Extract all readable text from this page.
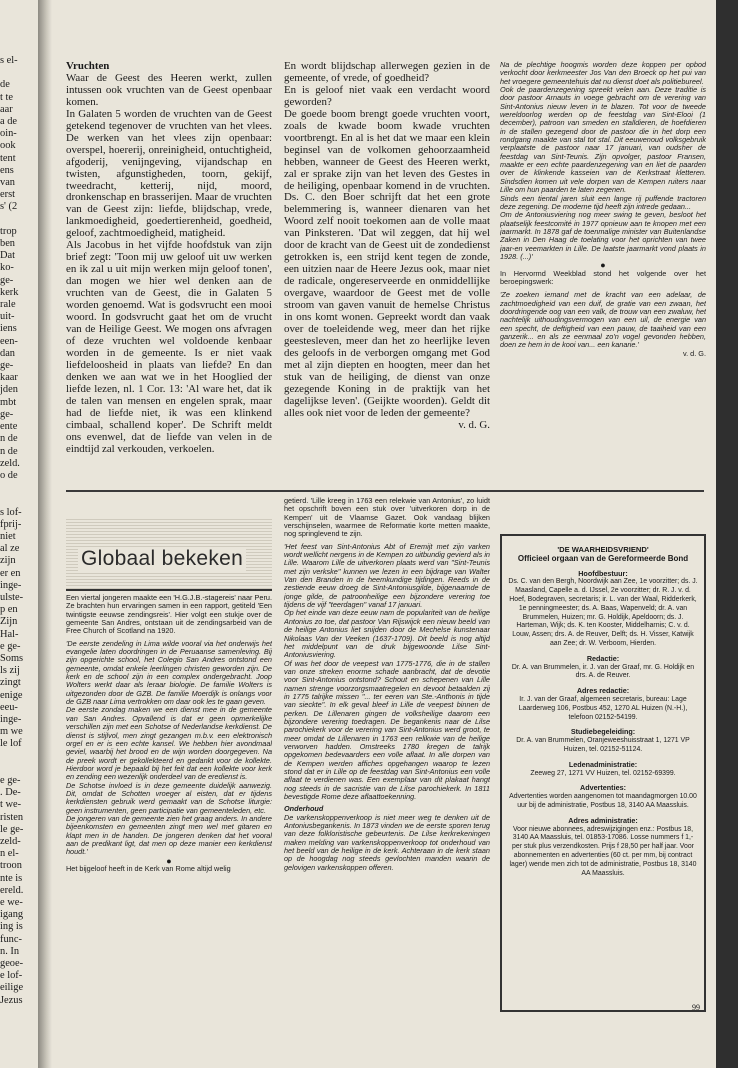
s el-

de
t te
aar
a de
oin-
ook
tent
ens
van
erst
s' (2

trop
ben
Dat
ko-
ge-
kerk
rale
uit-
iens
een-
dan
ge-
kaar
jden
mbt
ge-
ente
n de
n de
zeld.
o de

s lof-
fprij-
niet
al ze
zijn
er en
inge-
ulste-
p en
Zijn
Hal-
e ge-
Soms
ls zij
zingt
enige
eeu-
inge-
m we
le lof

e ge-
. De-
t we-
risten
le ge-
zeld-
n el-
troon
nte is
ereld.
e we-
igang
ing is
func-
n. In
geoe-
e lof-
eilige
Jezus

Vruchten

Waar de Geest des Heeren werkt, zullen intussen ook vruchten van de Geest openbaar komen.

In Galaten 5 worden de vruchten van de Geest getekend tegenover de vruchten van het vlees. De werken van het vlees zijn openbaar: overspel, hoererij, onreinigheid, ontuchtigheid, afgoderij, venijngeving, vijandschap en twisten, afgunstigheden, toorn, gekijf, tweedracht, ketterij, nijd, moord, dronkenschap en brasserijen. Maar de vruchten van de Geest zijn: liefde, blijdschap, vrede, lankmoedigheid, goedertierenheid, goedheid, geloof, zachtmoedigheid, matigheid.

Als Jacobus in het vijfde hoofdstuk van zijn brief zegt: 'Toon mij uw geloof uit uw werken en ik zal u uit mijn werken mijn geloof tonen', dan mogen we hier wel denken aan de vruchten van de Geest, die in Galaten 5 worden genoemd. Wat is godsvrucht een mooi woord. In godsvrucht gaat het om de vrucht van de Heilige Geest. We mogen ons afvragen of deze vruchten wel voldoende kenbaar worden in de gemeente. Is er niet vaak liefdeloosheid in plaats van liefde? En dan denken we aan wat we in het Hooglied der liefde lezen, nl. 1 Cor. 13: 'Al ware het, dat ik de talen van mensen en engelen sprak, maar had de liefde niet, ik was een klinkend cimbaal, schallend koper'. De Schrift meldt ons evenwel, dat de liefde van velen in de eindtijd zal verkouden, verkoelen.

En wordt blijdschap allerwegen gezien in de gemeente, of vrede, of goedheid?

En is geloof niet vaak een verdacht woord geworden?

De goede boom brengt goede vruchten voort, zoals de kwade boom kwade vruchten voortbrengt. En al is het dat we maar een klein beginsel van de volkomen gehoorzaamheid hebben, wanneer de Geest des Heeren werkt, zal er sprake zijn van het leven des Gestes in de heiliging, openbaar komend in de vruchten. Ds. C. den Boer schrijft dat het een grote belemmering is, wanneer dienaren van het Woord zelf nooit toekomen aan de volle maat van Pinksteren. 'Dat wil zeggen, dat hij wel door de kracht van de Geest uit de zondedienst getrokken is, een strijd kent tegen de zonde, een uitzien naar de Heere Jezus ook, maar niet de radicale, ongereserveerde en onmiddellijke overgave, waardoor de Geest met de volle stroom van gaven vanuit de hemelse Christus in ons komt wonen. Gepreekt wordt dan vaak over de toeleidende weg, meer dan het rijke geestesleven, meer dan het zo heerlijke leven des geloofs in de verborgen omgang met God met al zijn diepten en hoogten, meer dan het stuk van de heiliging, de dienst van onze gezegende Koning in de praktijk van het dagelijkse leven'. (Geijkte woorden). Geldt dit alles ook niet voor de leden der gemeente?

v. d. G.

Na de plechtige hoogmis worden deze koppen per opbod verkocht door kerkmeester Jos Van den Broeck op het pui van het vroegere gemeentehuis dat nu dienst doet als politiebureel.

Ook de paardenzegening spreekt velen aan. Deze traditie is door pastoor Arnauts in voege gebracht om de verering van Sint-Antonius nieuw leven in te blazen. Tot voor de tweede wereldoorlog werden op de feestdag van Sint-Elooi (1 december), patroon van smeden en stalldieren, de hoefdieren in de stallen gezegend door de pastoor die in het dorp een rondgang maakte van stal tot stal. Dit eeuwenoud volksgebruik verplaatste de pastoor naar 17 januari, van oudsher de feestdag van Sint-Teunis. Zijn opvolger, pastoor Fransen, maakte er een echte paardenzegening van en liet de paarden over de klinkende kasseien van de Kerkstraat kletteren. Sindsdien komen uit vele dorpen van de Kempen ruiters naar Lille om hun paarden te laten zegenen.

Sinds een tiental jaren sluit een lange rij puffende tractoren deze zegening. De moderne tijd heeft zijn intrede gedaan...

Om de Antoniusviering nog meer swing te geven, besloot het plaatselijk feestcomité in 1977 opnieuw aan te knopen met een jaarmarkt. In 1878 gaf de toenmalige minister van Buitenlandse Zaken in Den Haag de toelating voor het oprichten van twee jaar-en veemarkten in Lille. De laatste jaarmarkt vond plaats in 1928. (...)'

●

In Hervormd Weekblad stond het volgende over het beroepingswerk:

'Ze zoeken iemand met de kracht van een adelaar, de zachtmoedigheid van een duif, de gratie van een zwaan, het doordringende oog van een valk, de trouw van een zwaluw, het nachtelijk uithoudingsvermogen van een uil, de energie van een specht, de deftigheid van een pauw, de taaiheid van een ganzerik... en als ze eenmaal zo'n vogel gevonden hebben, doen ze hem in de kooi van... een kanarie.'

v. d. G.

Globaal bekeken

Een viertal jongeren maakte een 'H.G.J.B.-stagereis' naar Peru. Ze brachten hun ervaringen samen in een rapport, getiteld 'Een twintigste eeuwse zendingsreis'. Hier volgt een stukje over de gemeente San Andres, ontstaan uit de zendingsarbeid van de Free Church of Scotland na 1920.

'De eerste zendeling in Lima wilde vooral via het onderwijs het evangelie laten doordringen in de Peruaanse samenleving. Bij zijn opgerichte school, het Colegio San Andres ontstond een gemeente, omdat enkele leerlingen christen geworden zijn. De kerk en de school zijn in een complex ondergebracht. Joop Wolters werkt daar als leraar biologie. De familie Wolters is uitgezonden door de GZB. De familie Moerdijk is onlangs voor de GZB naar Lima vertrokken om daar ook les te gaan geven.

De eerste zondag maken we een dienst mee in de gemeente van San Andres. Opvallend is dat er geen opmerkelijke verschillen zijn met een Schotse of Nederlandse kerkdienst. De dienst is stijlvol, men zingt gezangen m.b.v. een elektronisch orgel en er is een echte kansel. We hebben hier avondmaal geviel, waarbij het brood en de wijn worden doorgegeven. Na de preek wordt er gekollekteerd en gedankt voor de kollekte. Hierdoor word je bepaald bij het feit dat een kollekte voor kerk en zending een wezenlijk onderdeel van de eredienst is.

De Schotse invloed is in deze gemeente duidelijk aanwezig. Dit, omdat de Schotten vroeger al eisten, dat er tijdens kerkdiensten gebruik werd gemaakt van de Schotse liturgie: geen instrumenten, geen participatie van gemeenteleden, etc.

De jongeren van de gemeente zien het graag anders. In andere bijeenkomsten en gemeenten zingt men wel met gitaren en klapt men in de handen. De jongeren denken dat het vooral aan de predikant ligt, dat men op deze manier een kerkdienst houdt.'

●

Het bijgeloof heeft in de Kerk van Rome altijd welig

getierd. 'Lille kreeg in 1763 een relekwie van Antonius', zo luidt het opschrift boven een stuk over 'uitverkoren dorp in de Kempen' uit de Vlaamse Gazet. Ook vandaag blijken verschijnselen, waarmee de Reformatie korte metten maakte, nog springlevend te zijn.

'Het feest van Sint-Antonius Abt of Eremijt met zijn varken wordt wellicht nergens in de Kempen zo uitbundig gevierd als in Lille. Waarom Lille de uitverkoren plaats werd van "Sint-Teunis met zijn verkske" kunnen we lezen in een bijdrage van Walter Van den Branden in de heemkundige tijdingen. Reeds in de zestiende eeuw droeg de Sint-Antoniusgilde, bijgenaamde de jonge gilde, de patroonheilige een bijzondere verering toe tijdens de vijf "teerdagen" vanaf 17 januari.

Op het einde van deze eeuw nam de populariteit van de heilige Antonius zo toe, dat pastoor Van Rijswijck een nieuw beeld van de heilige Antonius liet snijden door de Mechelse kunstenaar Nikolaas Van der Veeken (1637-1709). Dit beeld is nog altijd het middelpunt van de druk bijgewoonde Lilse Sint-Antoniusviering.

Of was het door de veepest van 1775-1776, die in de stallen van onze streken enorme schade aanbracht, dat de devotie voor Sint-Antonius ontstond? Schout en schepenen van Lille namen strenge voorzorgsmaatregelen en devoot betaalden zij in 1775 talrijke missen "... ter eeren van Ste.-Anthonis in tijde van sieckte". In elk geval bleef in Lille de veepest binnen de perken. De Lillenaren gingen de volksheilige daarom een bijzondere verering toedragen. De begankenis naar de Lilse parochiekerk voor de verering van Sint-Antonius werd groot, te meer omdat de Lillenaren in 1763 een relikwie van de heilige verworven hadden. Omstreeks 1780 kregen de talrijk opgekomen bedevaarders een volle aflaat. In alle dorpen van de Kempen werden affiches opgehangen waarop te lezen stond dat er in Lille op de feestdag van Sint-Antonius een volle aflaat te verdienen was. Een exemplaar van dit plakaat hangt nog steeds in de sacristie van de Lilse parochiekerk. In 1811 bevestigde Rome deze aflaattoekenning.

Onderhoud

De varkenskoppenverkoop is niet meer weg te denken uit de Antoniusbegankenis. In 1873 vinden we de eerste sporen terug van deze folkloristische gebeurtenis. De Lilse kerkrekeningen maken melding van varkenskoppenverkoop tot onderhoud van het beeld van de heilige in de kerk. Achteraan in de kerk staan op de hoogdag nog steeds gevlochten manden waarin de gelovigen varkenskoppen offeren.

'DE WAARHEIDSVRIEND'

Officieel orgaan van de Gereformeerde Bond

Hoofdbestuur:

Ds. C. van den Bergh, Noordwijk aan Zee, 1e voorzitter; ds. J. Maasland, Capelle a. d. IJssel, 2e voorzitter; dr. R. J. v. d. Hoef, Bodegraven, secretaris; ir. L. van der Waal, Ridderkerk, 1e penningmeester; ds. A. Baas, Wapenveld; dr. A. van Brummelen, Huizen; mr. G. Holdijk, Apeldoorn; ds. J. Harteman, Wijk; ds. K. ten Kooster, Middelharnis; C. v. d. Louw, Assen; drs. A. de Reuver, Delft; ds. H. Visser, Katwijk aan Zee; dr. W. Verboom, Hierden.

Redactie:

Dr. A. van Brummelen, ir. J. van der Graaf, mr. G. Holdijk en drs. A. de Reuver.

Adres redactie:

Ir. J. van der Graaf, algemeen secretaris, bureau: Lage Laarderweg 106, Postbus 452, 1270 AL Huizen (N.-H.), telefoon 02152-54199.

Studiebegeleiding:

Dr. A. van Brummelen, Oranjeweeshuisstraat 1, 1271 VP Huizen, tel. 02152-51124.

Ledenadministratie:

Zeeweg 27, 1271 VV Huizen, tel. 02152-69399.

Advertenties:

Advertenties worden aangenomen tot maandagmorgen 10.00 uur bij de administratie, Postbus 18, 3140 AA Maassluis.

Adres administratie:

Voor nieuwe abonnees, adreswijzigingen enz.: Postbus 18, 3140 AA Maassluis, tel. 01853-17086. Losse nummers f 1,- per stuk plus verzendkosten. Prijs f 28,50 per half jaar. Voor abonnementen en advertenties (60 ct. per mm, bij contract lager) wende men zich tot de administratie, Postbus 18, 3140 AA Maassluis.

99
